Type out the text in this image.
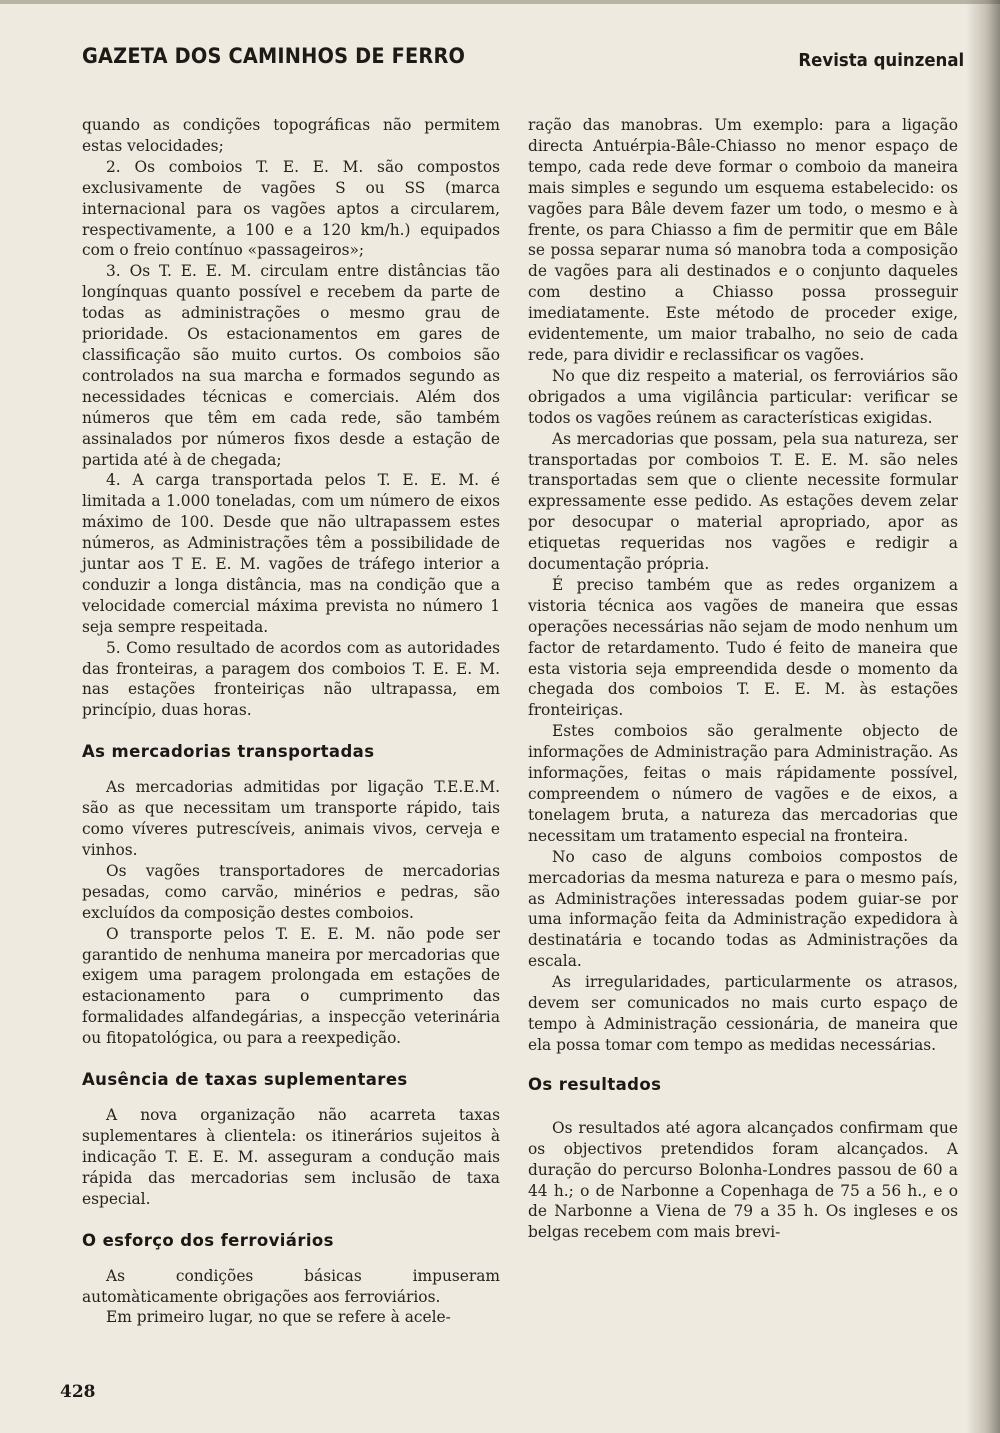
GAZETA DOS CAMINHOS DE FERRO	Revista quinzenal

quando as condições topográficas não permitem estas velocidades;

2. Os comboios T. E. E. M. são compostos exclusivamente de vagões S ou SS (marca internacional para os vagões aptos a circularem, respectivamente, a 100 e a 120 km/h.) equipados com o freio contínuo «passageiros»;

3. Os T. E. E. M. circulam entre distâncias tão longínquas quanto possível e recebem da parte de todas as administrações o mesmo grau de prioridade. Os estacionamentos em gares de classificação são muito curtos. Os comboios são controlados na sua marcha e formados segundo as necessidades técnicas e comerciais. Além dos números que têm em cada rede, são também assinalados por números fixos desde a estação de partida até à de chegada;

4. A carga transportada pelos T. E. E. M. é limitada a 1.000 toneladas, com um número de eixos máximo de 100. Desde que não ultrapassem estes números, as Administrações têm a possibilidade de juntar aos T E. E. M. vagões de tráfego interior a conduzir a longa distância, mas na condição que a velocidade comercial máxima prevista no número 1 seja sempre respeitada.

5. Como resultado de acordos com as autoridades das fronteiras, a paragem dos comboios T. E. E. M. nas estações fronteiriças não ultrapassa, em princípio, duas horas.

As mercadorias transportadas

As mercadorias admitidas por ligação T.E.E.M. são as que necessitam um transporte rápido, tais como víveres putrescíveis, animais vivos, cerveja e vinhos.

Os vagões transportadores de mercadorias pesadas, como carvão, minérios e pedras, são excluídos da composição destes comboios.

O transporte pelos T. E. E. M. não pode ser garantido de nenhuma maneira por mercadorias que exigem uma paragem prolongada em estações de estacionamento para o cumprimento das formalidades alfandegárias, a inspecção veterinária ou fitopatológica, ou para a reexpedição.

Ausência de taxas suplementares

A nova organização não acarreta taxas suplementares à clientela: os itinerários sujeitos à indicação T. E. E. M. asseguram a condução mais rápida das mercadorias sem inclusão de taxa especial.

O esforço dos ferroviários

As condições básicas impuseram automàticamente obrigações aos ferroviários.

Em primeiro lugar, no que se refere à acele-

ração das manobras. Um exemplo: para a ligação directa Antuérpia-Bâle-Chiasso no menor espaço de tempo, cada rede deve formar o comboio da maneira mais simples e segundo um esquema estabelecido: os vagões para Bâle devem fazer um todo, o mesmo e à frente, os para Chiasso a fim de permitir que em Bâle se possa separar numa só manobra toda a composição de vagões para ali destinados e o conjunto daqueles com destino a Chiasso possa prosseguir imediatamente. Este método de proceder exige, evidentemente, um maior trabalho, no seio de cada rede, para dividir e reclassificar os vagões.

No que diz respeito a material, os ferroviários são obrigados a uma vigilância particular: verificar se todos os vagões reúnem as características exigidas.

As mercadorias que possam, pela sua natureza, ser transportadas por comboios T. E. E. M. são neles transportadas sem que o cliente necessite formular expressamente esse pedido. As estações devem zelar por desocupar o material apropriado, apor as etiquetas requeridas nos vagões e redigir a documentação própria.

É preciso também que as redes organizem a vistoria técnica aos vagões de maneira que essas operações necessárias não sejam de modo nenhum um factor de retardamento. Tudo é feito de maneira que esta vistoria seja empreendida desde o momento da chegada dos comboios T. E. E. M. às estações fronteiriças.

Estes comboios são geralmente objecto de informações de Administração para Administração. As informações, feitas o mais rápidamente possível, compreendem o número de vagões e de eixos, a tonelagem bruta, a natureza das mercadorias que necessitam um tratamento especial na fronteira.

No caso de alguns comboios compostos de mercadorias da mesma natureza e para o mesmo país, as Administrações interessadas podem guiar-se por uma informação feita da Administração expedidora à destinatária e tocando todas as Administrações da escala.

As irregularidades, particularmente os atrasos, devem ser comunicados no mais curto espaço de tempo à Administração cessionária, de maneira que ela possa tomar com tempo as medidas necessárias.

Os resultados

Os resultados até agora alcançados confirmam que os objectivos pretendidos foram alcançados. A duração do percurso Bolonha-Londres passou de 60 a 44 h.; o de Narbonne a Copenhaga de 75 a 56 h., e o de Narbonne a Viena de 79 a 35 h. Os ingleses e os belgas recebem com mais brevi-

428
